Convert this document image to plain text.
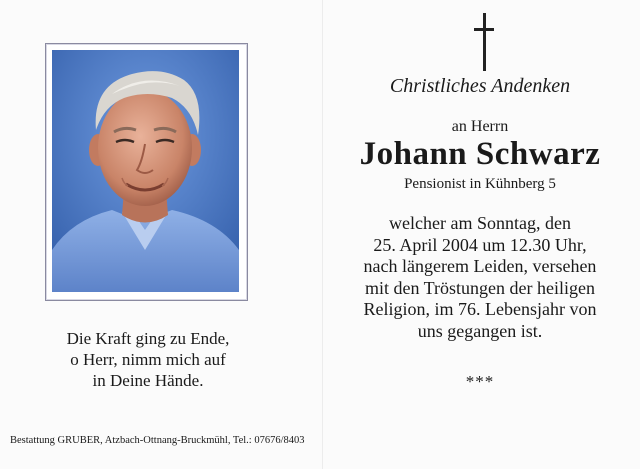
Die Kraft ging zu Ende,
o Herr, nimm mich auf
in Deine Hände.
Bestattung GRUBER, Atzbach-Ottnang-Bruckmühl, Tel.: 07676/8403
Christliches Andenken
an Herrn
Johann Schwarz
Pensionist in Kühnberg 5
welcher am Sonntag, den
25. April 2004 um 12.30 Uhr,
nach längerem Leiden, versehen
mit den Tröstungen der heiligen
Religion, im 76. Lebensjahr von
uns gegangen ist.
***
